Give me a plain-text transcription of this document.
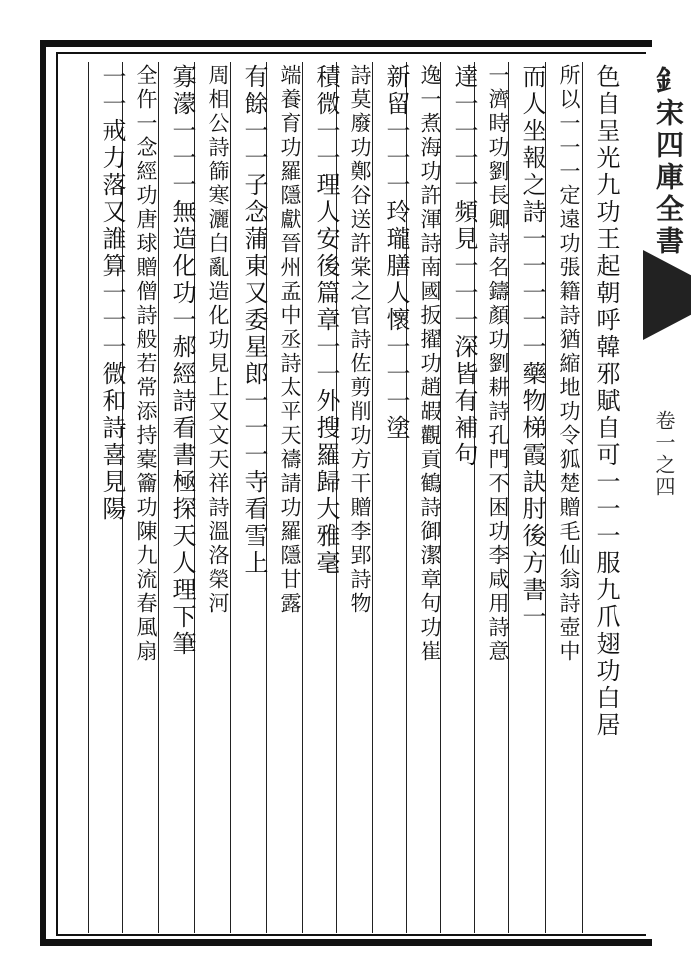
釒宋四庫全書
卷一之四
色自呈光九功王起朝呼韓邪賦自可一一一服九爪翅功白居
所以一一一定遠功張籍詩猶縮地功令狐楚贈毛仙翁詩壺中
而人坐報之詩一一一一一藥物梯霞訣肘後方書一
一濟時功劉長卿詩名鑄顏功劉耕詩孔門不困功李咸用詩意
達一一一一頻見一一一深皆有補句
逸一煮海功許渾詩南國扳擢功趙嘏觀貢鶴詩御潔章句功崔
新留一一一玲瓏膳人懷一一一塗
詩莫廢功鄭谷送許棠之官詩佐剪削功方干贈李郢詩物
積微一一理人安後篇章一一外搜羅歸大雅毫
端養育功羅隱獻晉州孟中丞詩太平天禱請功羅隱甘露
有餘一一子念蒲東又委星郎一一一寺看雪上
周相公詩篩寒灑白亂造化功見上又文天祥詩溫洛榮河
寡濛一一一無造化功一郝經詩看書極探天人理下筆
全仵一念經功唐球贈僧詩般若常添持橐籥功陳九流春風扇
一一戒力落又誰算一一一微和詩喜見陽
